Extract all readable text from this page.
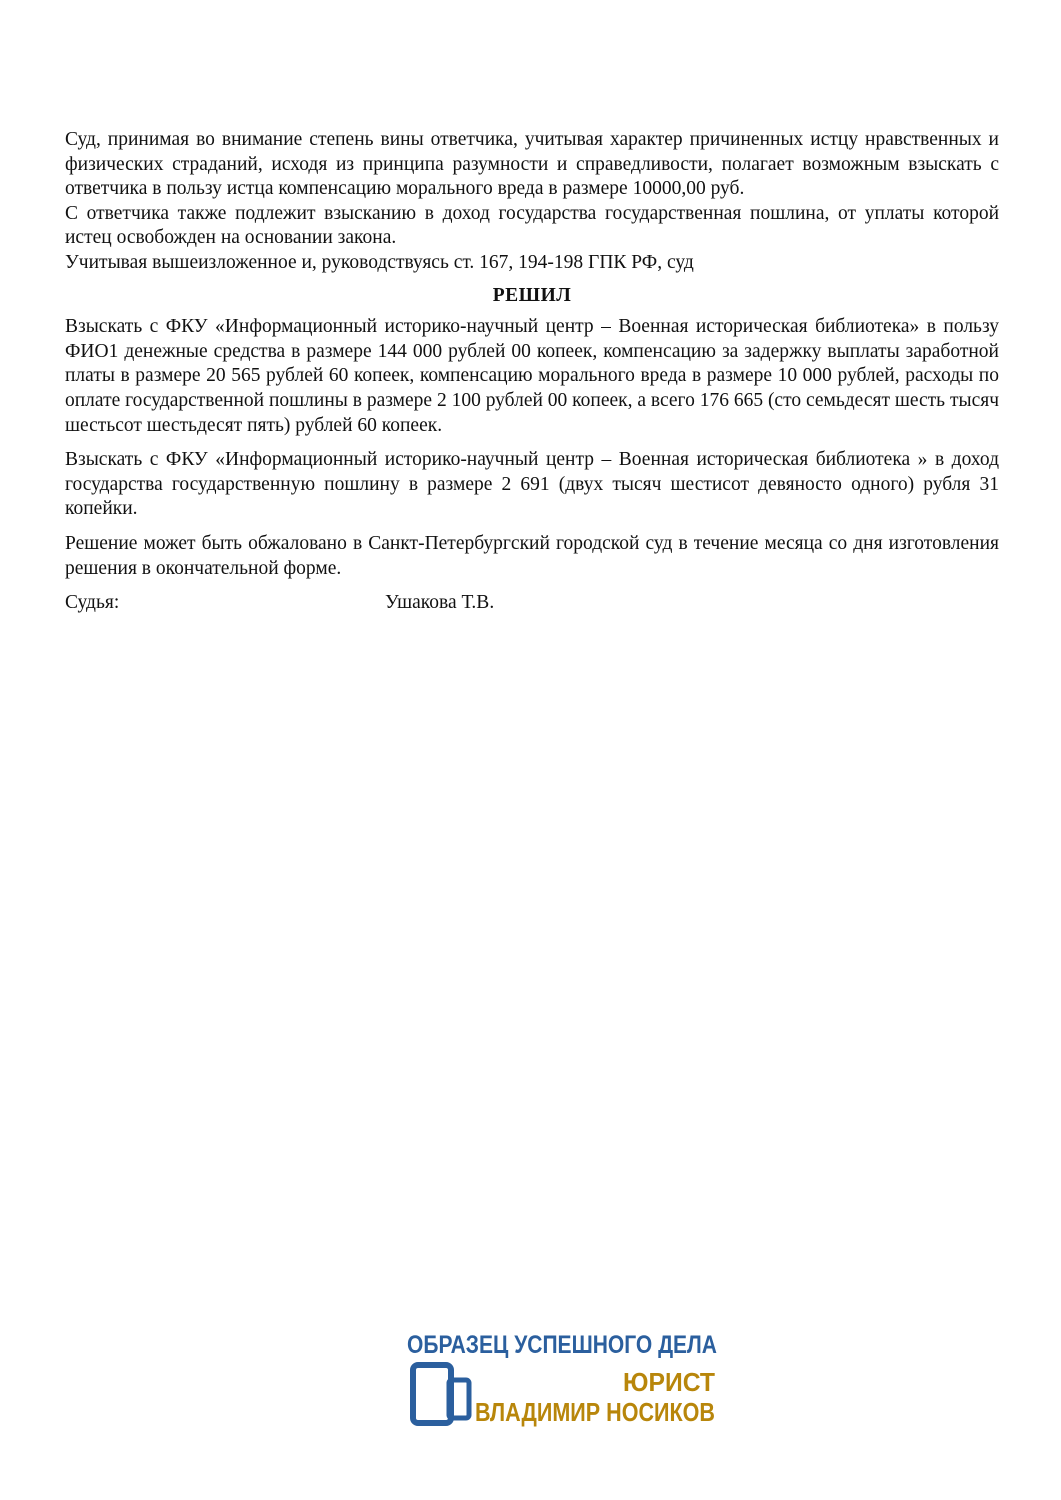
Суд, принимая во внимание степень вины ответчика, учитывая характер причиненных истцу нравственных и физических страданий, исходя из принципа разумности и справедливости, полагает возможным взыскать с ответчика в пользу истца компенсацию морального вреда в размере 10000,00 руб.

С ответчика также подлежит взысканию в доход государства государственная пошлина, от уплаты которой истец освобожден на основании закона.

Учитывая вышеизложенное и, руководствуясь ст. 167, 194-198 ГПК РФ, суд

РЕШИЛ

Взыскать с ФКУ «Информационный историко-научный центр – Военная историческая библиотека» в пользу ФИО1 денежные средства в размере 144 000 рублей 00 копеек, компенсацию за задержку выплаты заработной платы в размере 20 565 рублей 60 копеек, компенсацию морального вреда в размере 10 000 рублей, расходы по оплате государственной пошлины в размере 2 100 рублей 00 копеек, а всего 176 665 (сто семьдесят шесть тысяч шестьсот шестьдесят пять) рублей 60 копеек.

Взыскать с ФКУ «Информационный историко-научный центр – Военная историческая библиотека » в доход государства государственную пошлину в размере 2 691 (двух тысяч шестисот девяносто одного) рубля 31 копейки.

Решение может быть обжаловано в Санкт-Петербургский городской суд в течение месяца со дня изготовления решения в окончательной форме.

Судья:	Ушакова Т.В.
ОБРАЗЕЦ УСПЕШНОГО ДЕЛА
ЮРИСТ
ВЛАДИМИР НОСИКОВ
